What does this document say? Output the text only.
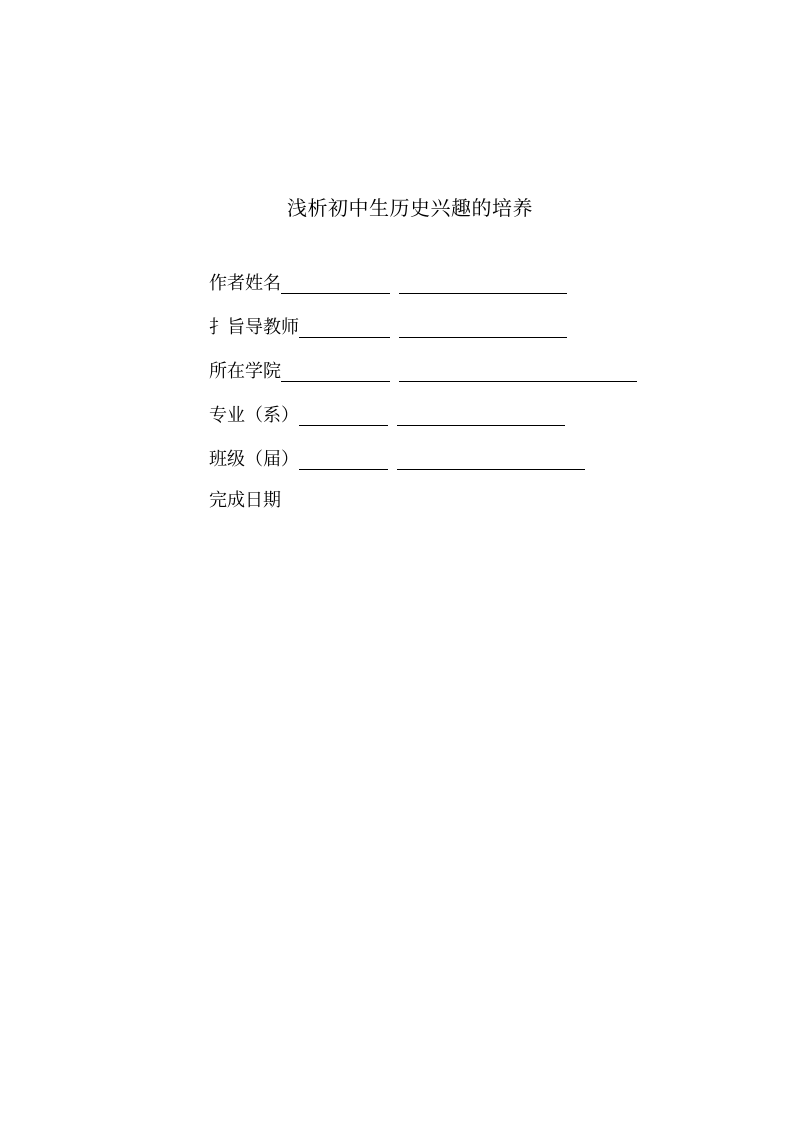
浅析初中生历史兴趣的培养
作者姓名
扌旨导教师
所在学院
专业（系）
班级（届）
完成日期
